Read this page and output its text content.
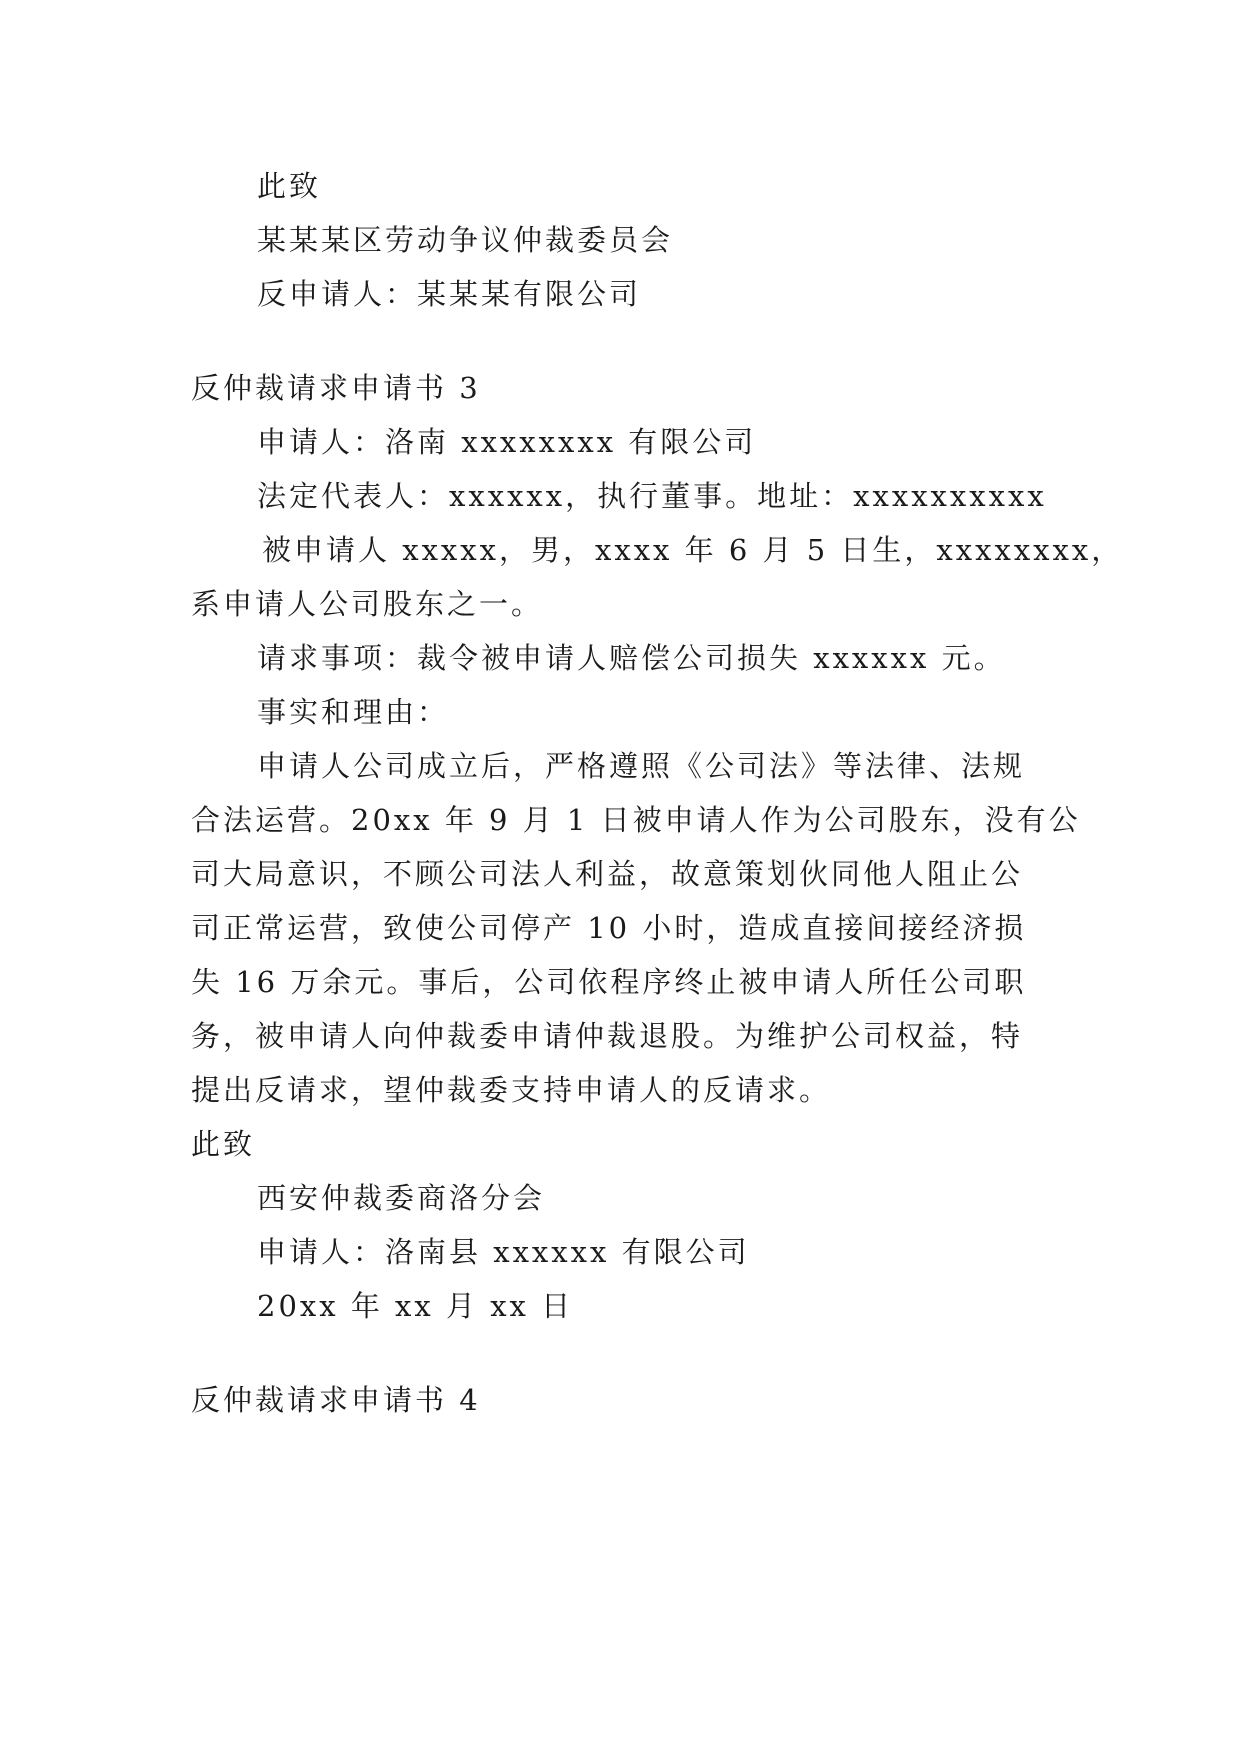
此致
某某某区劳动争议仲裁委员会
反申请人：某某某有限公司
反仲裁请求申请书 3
申请人：洛南 xxxxxxxx 有限公司
法定代表人：xxxxxx，执行董事。地址：xxxxxxxxxx
被申请人 xxxxx，男，xxxx 年 6 月 5 日生，xxxxxxxx，
系申请人公司股东之一。
请求事项：裁令被申请人赔偿公司损失 xxxxxx 元。
事实和理由：
申请人公司成立后，严格遵照《公司法》等法律、法规
合法运营。20xx 年 9 月 1 日被申请人作为公司股东，没有公
司大局意识，不顾公司法人利益，故意策划伙同他人阻止公
司正常运营，致使公司停产 10 小时，造成直接间接经济损
失 16 万余元。事后，公司依程序终止被申请人所任公司职
务，被申请人向仲裁委申请仲裁退股。为维护公司权益，特
提出反请求，望仲裁委支持申请人的反请求。
此致
西安仲裁委商洛分会
申请人：洛南县 xxxxxx 有限公司
20xx 年 xx 月 xx 日
反仲裁请求申请书 4
